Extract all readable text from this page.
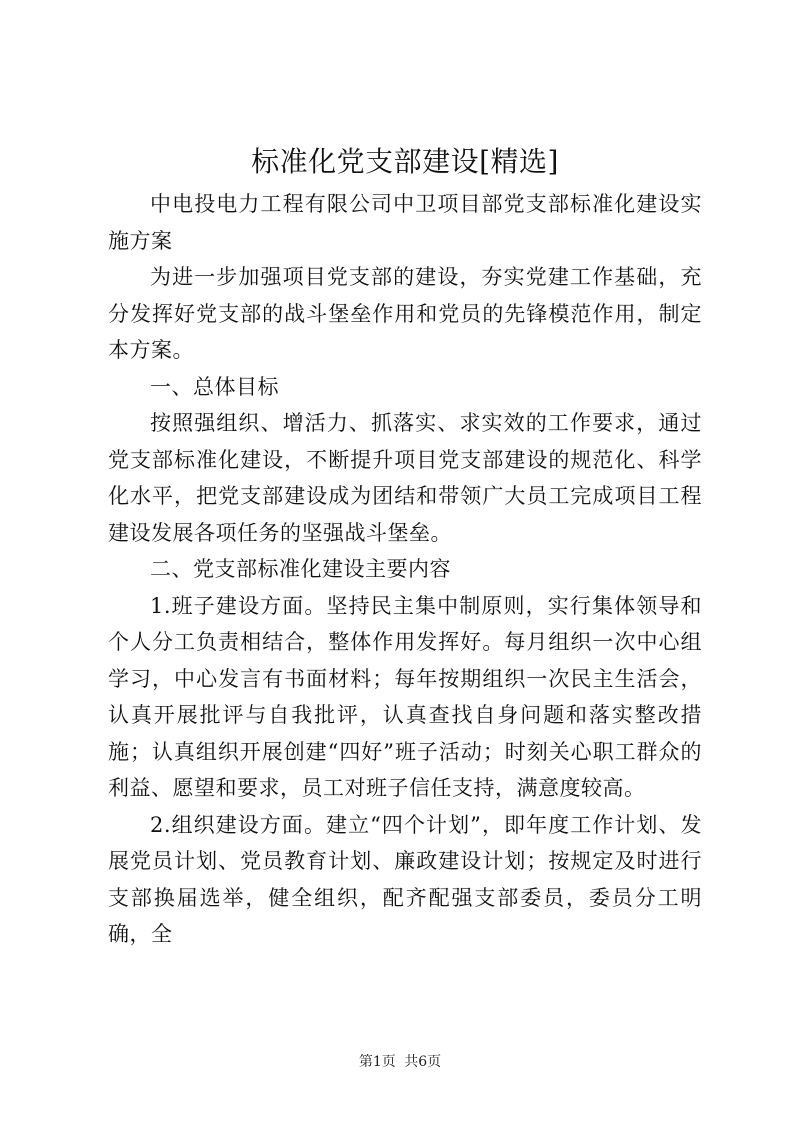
标准化党支部建设[精选]

中电投电力工程有限公司中卫项目部党支部标准化建设实施方案

为进一步加强项目党支部的建设，夯实党建工作基础，充分发挥好党支部的战斗堡垒作用和党员的先锋模范作用，制定本方案。

一、总体目标

按照强组织、增活力、抓落实、求实效的工作要求，通过党支部标准化建设，不断提升项目党支部建设的规范化、科学化水平，把党支部建设成为团结和带领广大员工完成项目工程建设发展各项任务的坚强战斗堡垒。

二、党支部标准化建设主要内容

1.班子建设方面。坚持民主集中制原则，实行集体领导和个人分工负责相结合，整体作用发挥好。每月组织一次中心组学习，中心发言有书面材料；每年按期组织一次民主生活会，认真开展批评与自我批评，认真查找自身问题和落实整改措施；认真组织开展创建“四好”班子活动；时刻关心职工群众的利益、愿望和要求，员工对班子信任支持，满意度较高。

2.组织建设方面。建立“四个计划”，即年度工作计划、发展党员计划、党员教育计划、廉政建设计划；按规定及时进行支部换届选举，健全组织，配齐配强支部委员，委员分工明确，全

第1页 共6页
